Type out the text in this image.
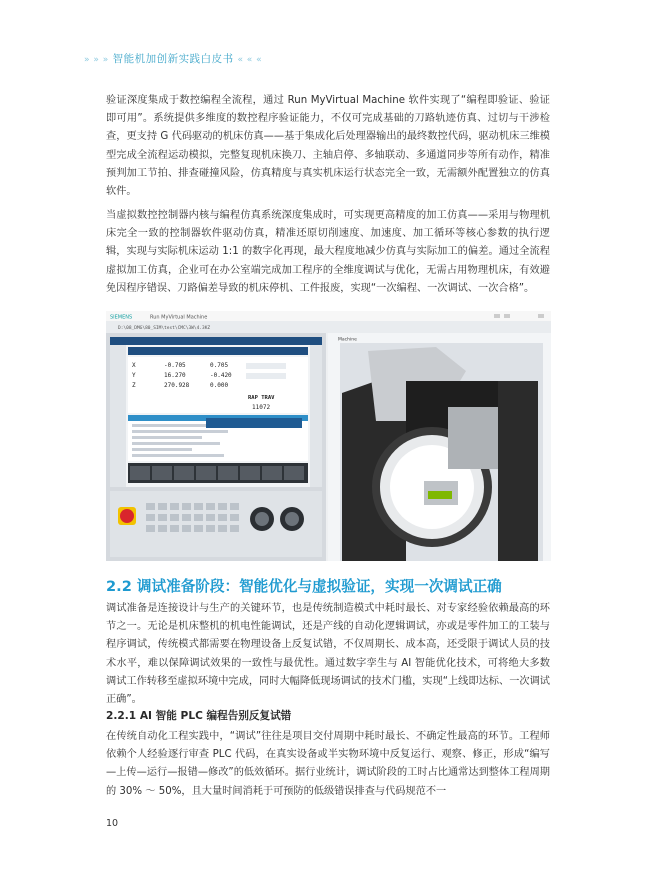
» » » 智能机加创新实践白皮书 « « «
验证深度集成于数控编程全流程，通过 Run MyVirtual Machine 软件实现了“编程即验证、验证即可用”。系统提供多维度的数控程序验证能力，不仅可完成基础的刀路轨迹仿真、过切与干涉检查，更支持 G 代码驱动的机床仿真——基于集成化后处理器输出的最终数控代码，驱动机床三维模型完成全流程运动模拟，完整复现机床换刀、主轴启停、多轴联动、多通道同步等所有动作，精准预判加工节拍、排查碰撞风险，仿真精度与真实机床运行状态完全一致，无需额外配置独立的仿真软件。
当虚拟数控控制器内核与编程仿真系统深度集成时，可实现更高精度的加工仿真——采用与物理机床完全一致的控制器软件驱动仿真，精准还原切削速度、加速度、加工循环等核心参数的执行逻辑，实现与实际机床运动 1:1 的数字化再现，最大程度地减少仿真与实际加工的偏差。通过全流程虚拟加工仿真，企业可在办公室端完成加工程序的全维度调试与优化，无需占用物理机床，有效避免因程序错误、刀路偏差导致的机床停机、工件报废，实现“一次编程、一次调试、一次合格”。
SIEMENS	Run MyVirtual Machine
D:\08_DMG\80_SIM\test\CMC\3W\4.3KZ
X	-0.705	0.705
Y	16.270	-0.420
Z	270.928	0.000
RAP TRAV
11072
Machine
2.2 调试准备阶段：智能优化与虚拟验证，实现一次调试正确
调试准备是连接设计与生产的关键环节，也是传统制造模式中耗时最长、对专家经验依赖最高的环节之一。无论是机床整机的机电性能调试，还是产线的自动化逻辑调试，亦或是零件加工的工装与程序调试，传统模式都需要在物理设备上反复试错，不仅周期长、成本高，还受限于调试人员的技术水平，难以保障调试效果的一致性与最优性。通过数字孪生与 AI 智能优化技术，可将绝大多数调试工作转移至虚拟环境中完成，同时大幅降低现场调试的技术门槛，实现“上线即达标、一次调试正确”。
2.2.1 AI 智能 PLC 编程告别反复试错
在传统自动化工程实践中，“调试”往往是项目交付周期中耗时最长、不确定性最高的环节。工程师依赖个人经验逐行审查 PLC 代码，在真实设备或半实物环境中反复运行、观察、修正，形成“编写—上传—运行—报错—修改”的低效循环。据行业统计，调试阶段的工时占比通常达到整体工程周期的 30% ～ 50%，且大量时间消耗于可预防的低级错误排查与代码规范不一
10
